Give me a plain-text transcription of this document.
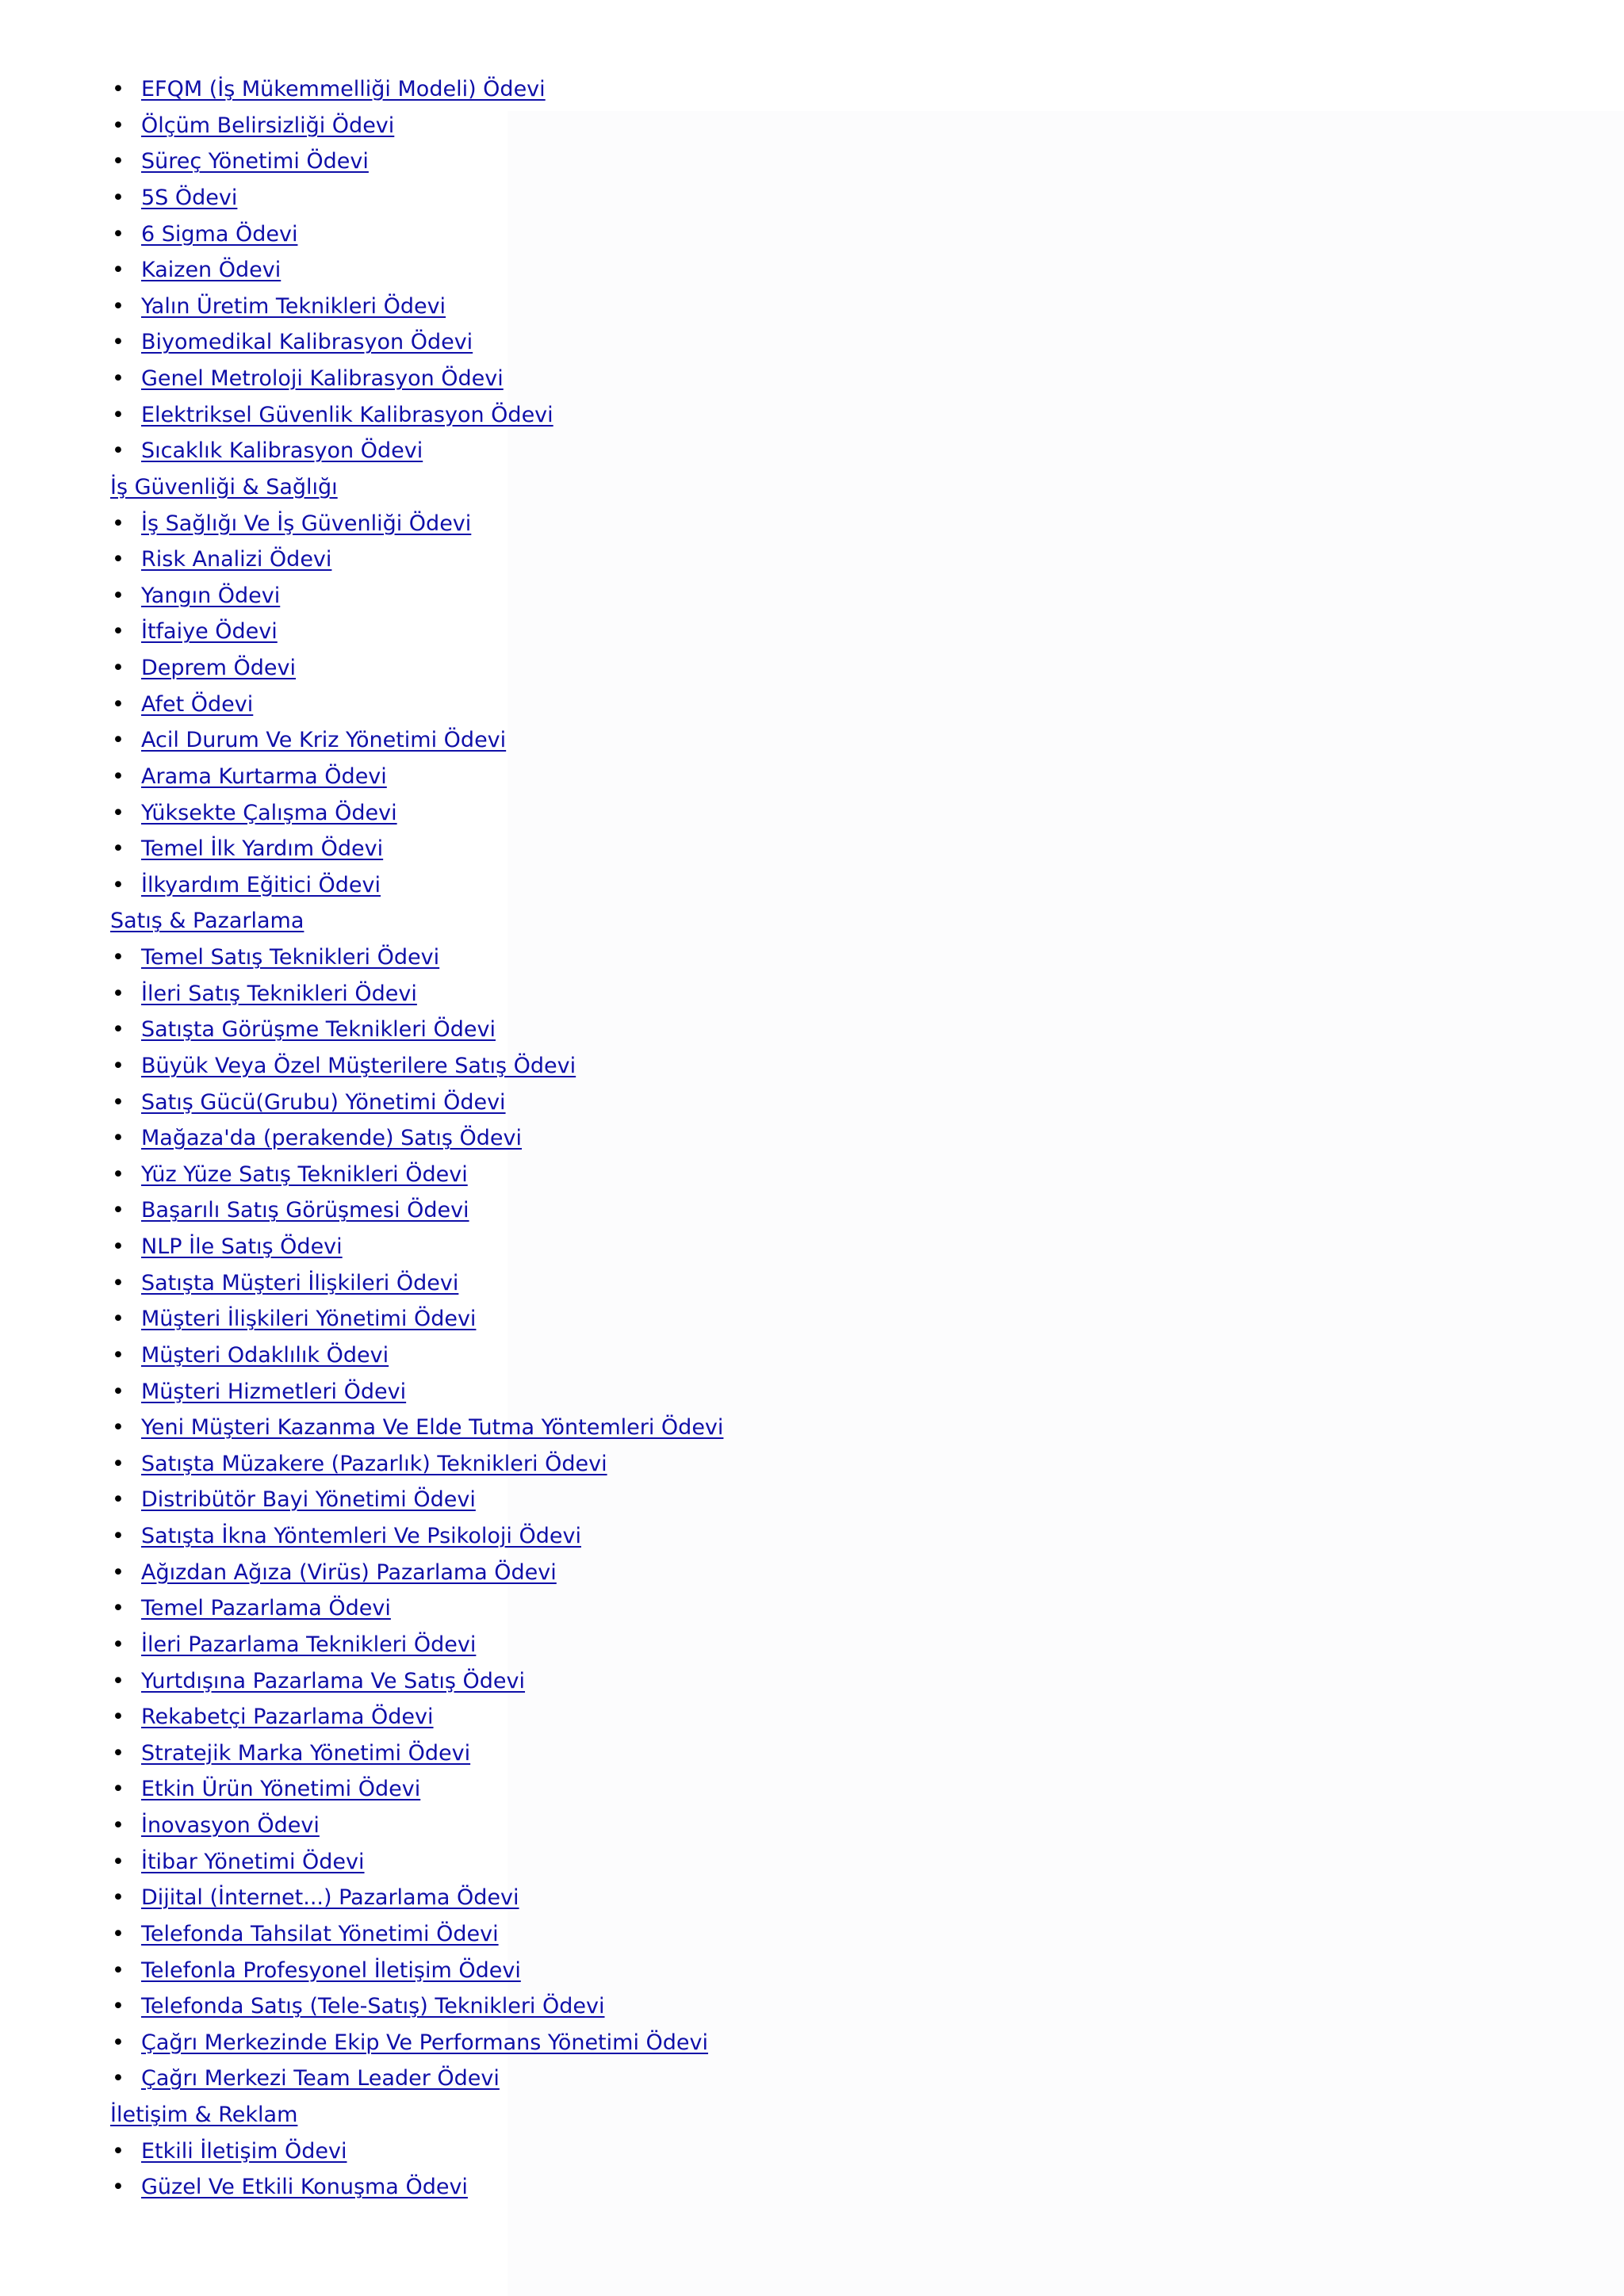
• EFQM (İş Mükemmelliği Modeli) Ödevi
• Ölçüm Belirsizliği Ödevi
• Süreç Yönetimi Ödevi
• 5S Ödevi
• 6 Sigma Ödevi
• Kaizen Ödevi
• Yalın Üretim Teknikleri Ödevi
• Biyomedikal Kalibrasyon Ödevi
• Genel Metroloji Kalibrasyon Ödevi
• Elektriksel Güvenlik Kalibrasyon Ödevi
• Sıcaklık Kalibrasyon Ödevi
İş Güvenliği & Sağlığı
• İş Sağlığı Ve İş Güvenliği Ödevi
• Risk Analizi Ödevi
• Yangın Ödevi
• İtfaiye Ödevi
• Deprem Ödevi
• Afet Ödevi
• Acil Durum Ve Kriz Yönetimi Ödevi
• Arama Kurtarma Ödevi
• Yüksekte Çalışma Ödevi
• Temel İlk Yardım Ödevi
• İlkyardım Eğitici Ödevi
Satış & Pazarlama
• Temel Satış Teknikleri Ödevi
• İleri Satış Teknikleri Ödevi
• Satışta Görüşme Teknikleri Ödevi
• Büyük Veya Özel Müşterilere Satış Ödevi
• Satış Gücü(Grubu) Yönetimi Ödevi
• Mağaza'da (perakende) Satış Ödevi
• Yüz Yüze Satış Teknikleri Ödevi
• Başarılı Satış Görüşmesi Ödevi
• NLP İle Satış Ödevi
• Satışta Müşteri İlişkileri Ödevi
• Müşteri İlişkileri Yönetimi Ödevi
• Müşteri Odaklılık Ödevi
• Müşteri Hizmetleri Ödevi
• Yeni Müşteri Kazanma Ve Elde Tutma Yöntemleri Ödevi
• Satışta Müzakere (Pazarlık) Teknikleri Ödevi
• Distribütör Bayi Yönetimi Ödevi
• Satışta İkna Yöntemleri Ve Psikoloji Ödevi
• Ağızdan Ağıza (Virüs) Pazarlama Ödevi
• Temel Pazarlama Ödevi
• İleri Pazarlama Teknikleri Ödevi
• Yurtdışına Pazarlama Ve Satış Ödevi
• Rekabetçi Pazarlama Ödevi
• Stratejik Marka Yönetimi Ödevi
• Etkin Ürün Yönetimi Ödevi
• İnovasyon Ödevi
• İtibar Yönetimi Ödevi
• Dijital (İnternet...) Pazarlama Ödevi
• Telefonda Tahsilat Yönetimi Ödevi
• Telefonla Profesyonel İletişim Ödevi
• Telefonda Satış (Tele-Satış) Teknikleri Ödevi
• Çağrı Merkezinde Ekip Ve Performans Yönetimi Ödevi
• Çağrı Merkezi Team Leader Ödevi
İletişim & Reklam
• Etkili İletişim Ödevi
• Güzel Ve Etkili Konuşma Ödevi
